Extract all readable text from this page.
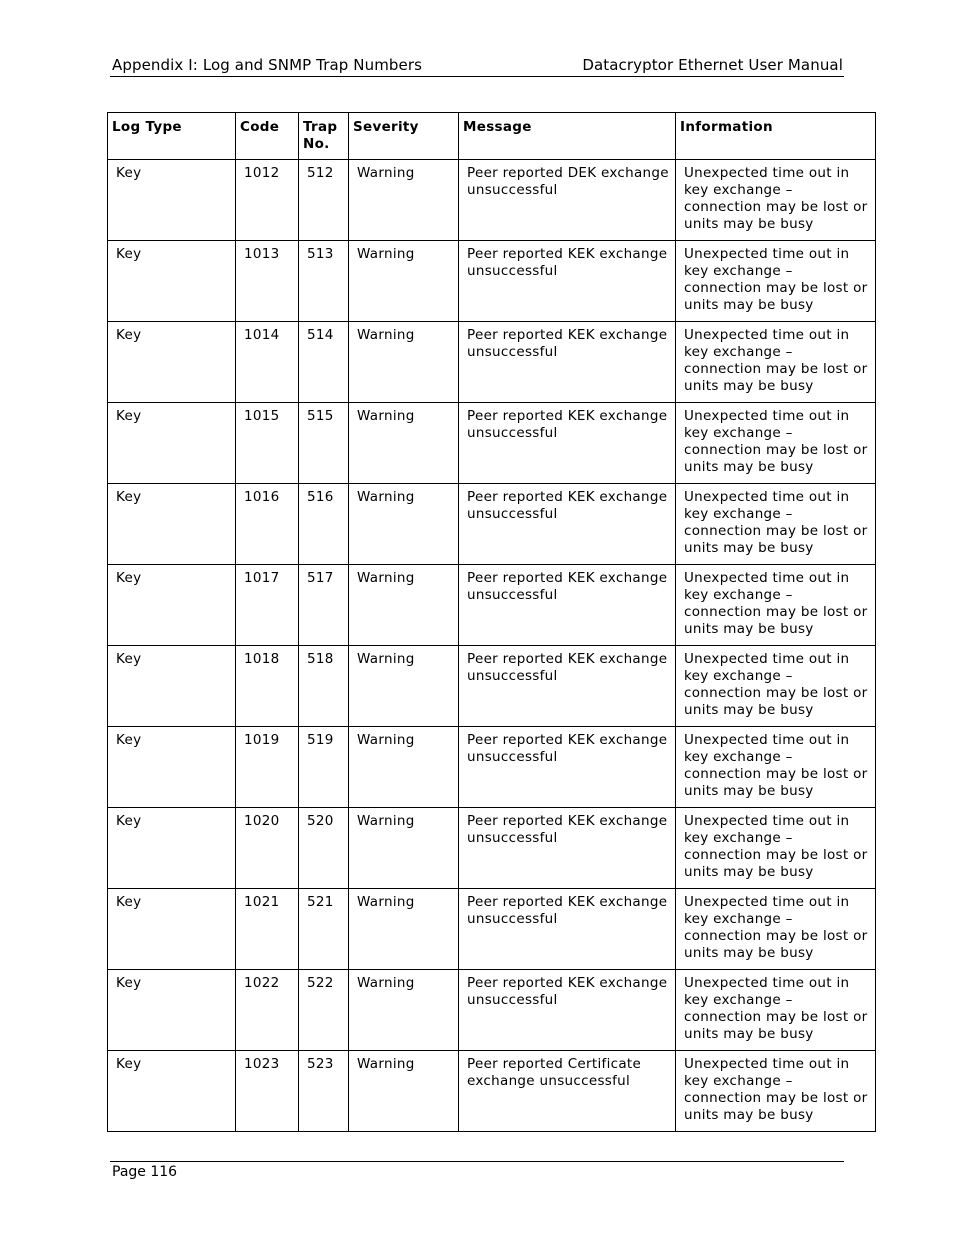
Appendix I: Log and SNMP Trap Numbers	Datacryptor Ethernet User Manual
Log Type	Code	Trap No.	Severity	Message	Information
Key	1012	512	Warning	Peer reported DEK exchange unsuccessful	Unexpected time out in key exchange – connection may be lost or units may be busy
Key	1013	513	Warning	Peer reported KEK exchange unsuccessful	Unexpected time out in key exchange – connection may be lost or units may be busy
Key	1014	514	Warning	Peer reported KEK exchange unsuccessful	Unexpected time out in key exchange – connection may be lost or units may be busy
Key	1015	515	Warning	Peer reported KEK exchange unsuccessful	Unexpected time out in key exchange – connection may be lost or units may be busy
Key	1016	516	Warning	Peer reported KEK exchange unsuccessful	Unexpected time out in key exchange – connection may be lost or units may be busy
Key	1017	517	Warning	Peer reported KEK exchange unsuccessful	Unexpected time out in key exchange – connection may be lost or units may be busy
Key	1018	518	Warning	Peer reported KEK exchange unsuccessful	Unexpected time out in key exchange – connection may be lost or units may be busy
Key	1019	519	Warning	Peer reported KEK exchange unsuccessful	Unexpected time out in key exchange – connection may be lost or units may be busy
Key	1020	520	Warning	Peer reported KEK exchange unsuccessful	Unexpected time out in key exchange – connection may be lost or units may be busy
Key	1021	521	Warning	Peer reported KEK exchange unsuccessful	Unexpected time out in key exchange – connection may be lost or units may be busy
Key	1022	522	Warning	Peer reported KEK exchange unsuccessful	Unexpected time out in key exchange – connection may be lost or units may be busy
Key	1023	523	Warning	Peer reported Certificate exchange unsuccessful	Unexpected time out in key exchange – connection may be lost or units may be busy
Page 116
